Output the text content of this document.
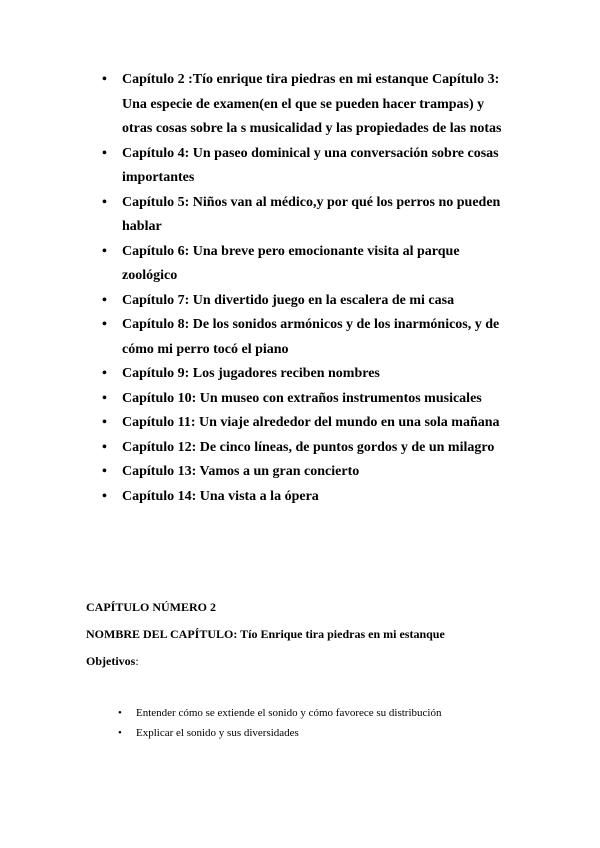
• Capítulo 2 :Tío enrique tira piedras en mi estanque Capítulo 3: Una especie de examen(en el que se pueden hacer trampas) y otras cosas sobre la s musicalidad y las propiedades de las notas
• Capítulo 4: Un paseo dominical y una conversación sobre cosas importantes
• Capítulo 5: Niños van al médico,y por qué los perros no pueden hablar
• Capítulo 6: Una breve pero emocionante visita al parque zoológico
• Capítulo 7: Un divertido juego en la escalera de mi casa
• Capítulo 8: De los sonidos armónicos y de los inarmónicos, y de cómo mi perro tocó el piano
• Capítulo 9: Los jugadores reciben nombres
• Capítulo 10: Un museo con extraños instrumentos musicales
• Capítulo 11: Un viaje alrededor del mundo en una sola mañana
• Capítulo 12: De cinco líneas, de puntos gordos y de un milagro
• Capítulo 13: Vamos a un gran concierto
• Capítulo 14: Una vista a la ópera
CAPÍTULO NÚMERO 2
NOMBRE DEL CAPÍTULO: Tío Enrique tira piedras en mi estanque
Objetivos:
• Entender cómo se extiende el sonido y cómo favorece su distribución
• Explicar el sonido y sus diversidades
